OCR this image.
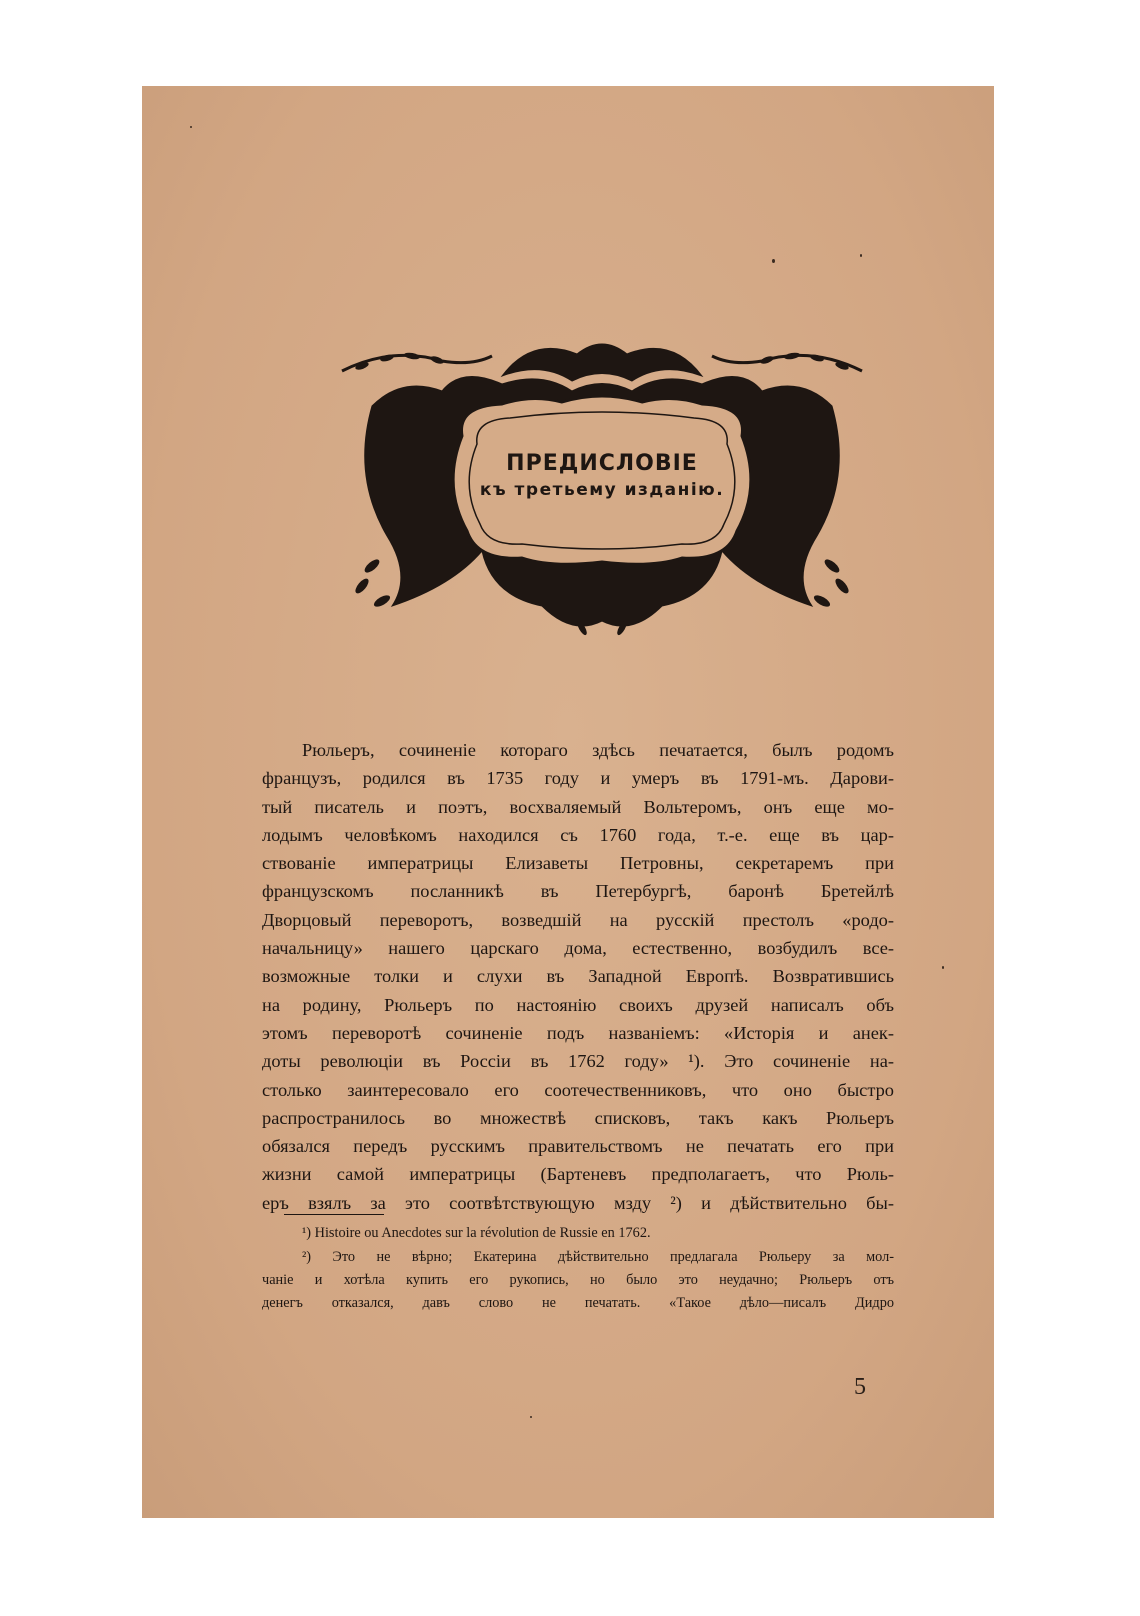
ПРЕДИСЛОВІЕ
къ третьему изданію.
Рюльеръ, сочиненіе котораго здѣсь печатается, былъ родомъ
французъ, родился въ 1735 году и умеръ въ 1791-мъ. Дарови-
тый писатель и поэтъ, восхваляемый Вольтеромъ, онъ еще мо-
лодымъ человѣкомъ находился съ 1760 года, т.-е. еще въ цар-
ствованіе императрицы Елизаветы Петровны, секретаремъ при
французскомъ посланникѣ въ Петербургѣ, баронѣ Бретейлѣ
Дворцовый переворотъ, возведшій на русскій престолъ «родо-
начальницу» нашего царскаго дома, естественно, возбудилъ все-
возможные толки и слухи въ Западной Европѣ. Возвратившись
на родину, Рюльеръ по настоянію своихъ друзей написалъ объ
этомъ переворотѣ сочиненіе подъ названіемъ: «Исторія и анек-
доты революціи въ Россіи въ 1762 году» ¹). Это сочиненіе на-
столько заинтересовало его соотечественниковъ, что оно быстро
распространилось во множествѣ списковъ, такъ какъ Рюльеръ
обязался передъ русскимъ правительствомъ не печатать его при
жизни самой императрицы (Бартеневъ предполагаетъ, что Рюль-
еръ взялъ за это соотвѣтствующую мзду ²) и дѣйствительно бы-
¹) Histoire ou Anecdotes sur la révolution de Russie en 1762.
²) Это не вѣрно; Екатерина дѣйствительно предлагала Рюльеру за мол-
чаніе и хотѣла купить его рукопись, но было это неудачно; Рюльеръ отъ
денегъ отказался, давъ слово не печатать. «Такое дѣло—писалъ Дидро
5
